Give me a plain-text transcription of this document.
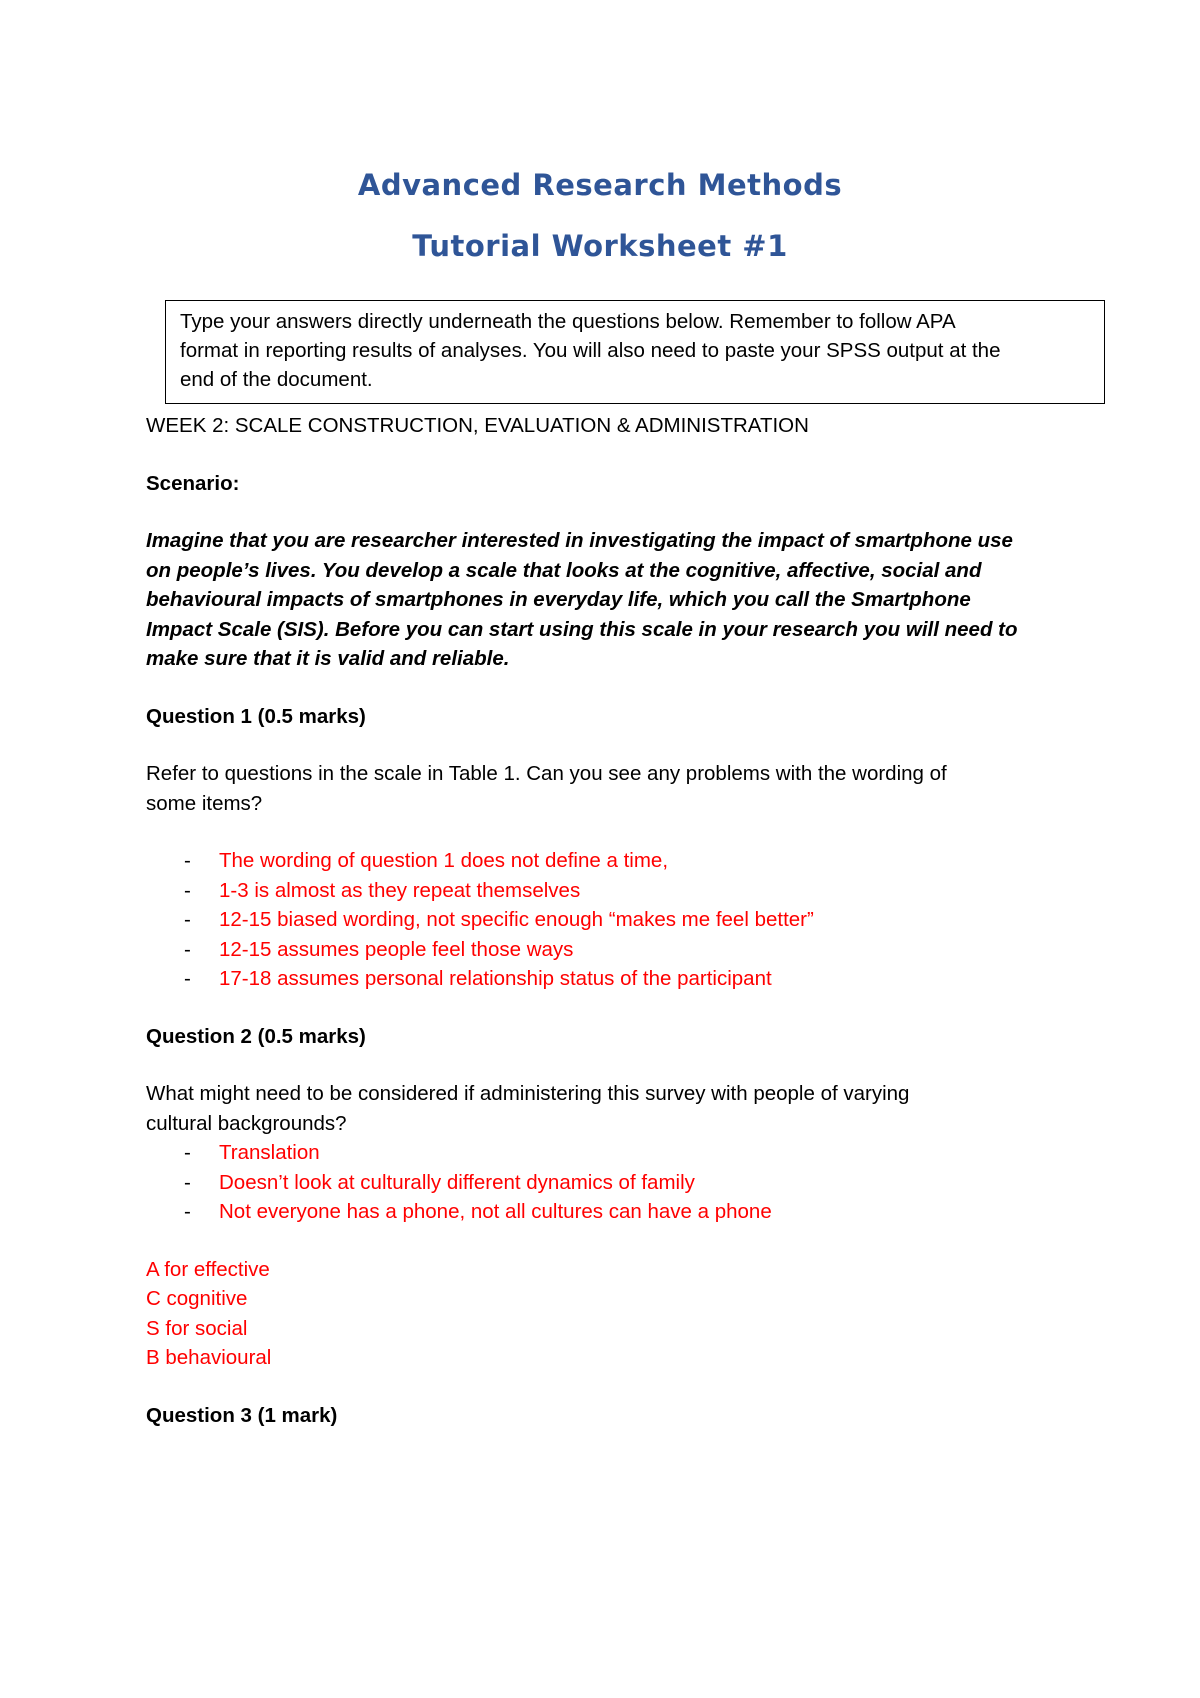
Advanced Research Methods
Tutorial Worksheet #1

Type your answers directly underneath the questions below. Remember to follow APA

format in reporting results of analyses. You will also need to paste your SPSS output at the

end of the document.

WEEK 2: SCALE CONSTRUCTION, EVALUATION & ADMINISTRATION

Scenario:

Imagine that you are researcher interested in investigating the impact of smartphone use

on people’s lives. You develop a scale that looks at the cognitive, affective, social and

behavioural impacts of smartphones in everyday life, which you call the Smartphone

Impact Scale (SIS). Before you can start using this scale in your research you will need to

make sure that it is valid and reliable.

Question 1 (0.5 marks)

Refer to questions in the scale in Table 1. Can you see any problems with the wording of

some items?

- The wording of question 1 does not define a time,
- 1-3 is almost as they repeat themselves
- 12-15 biased wording, not specific enough “makes me feel better”
- 12-15 assumes people feel those ways
- 17-18 assumes personal relationship status of the participant

Question 2 (0.5 marks)

What might need to be considered if administering this survey with people of varying

cultural backgrounds?

- Translation
- Doesn’t look at culturally different dynamics of family
- Not everyone has a phone, not all cultures can have a phone

A for effective

C cognitive

S for social

B behavioural

Question 3 (1 mark)
